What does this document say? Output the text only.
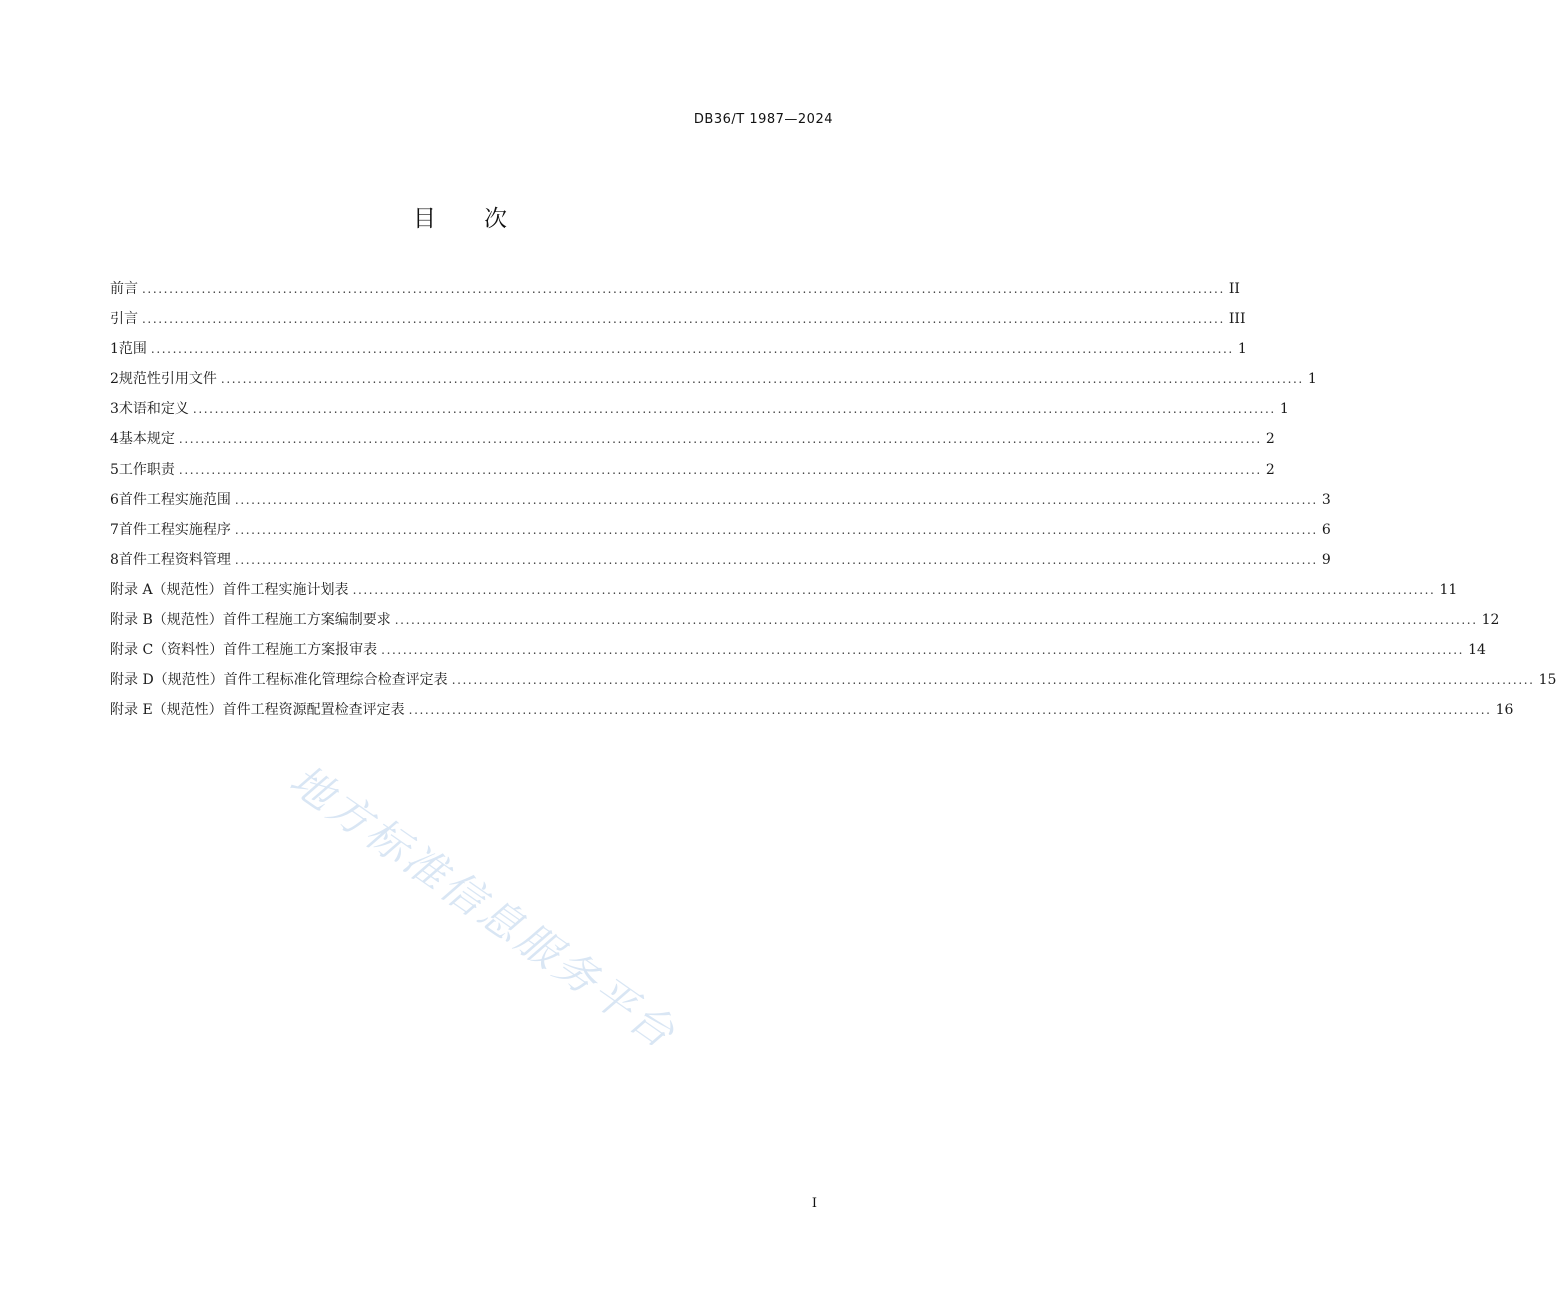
DB36/T 1987—2024
目次
前言 ........................................................................................................................................................................................................ II
引言 ........................................................................................................................................................................................................ III
1 范围 ........................................................................................................................................................................................................ 1
2 规范性引用文件 ........................................................................................................................................................................................................ 1
3 术语和定义 ........................................................................................................................................................................................................ 1
4 基本规定 ........................................................................................................................................................................................................ 2
5 工作职责 ........................................................................................................................................................................................................ 2
6 首件工程实施范围 ........................................................................................................................................................................................................ 3
7 首件工程实施程序 ........................................................................................................................................................................................................ 6
8 首件工程资料管理 ........................................................................................................................................................................................................ 9
附录 A（规范性）首件工程实施计划表 ........................................................................................................................................................................................................ 11
附录 B（规范性）首件工程施工方案编制要求 ........................................................................................................................................................................................................ 12
附录 C（资料性）首件工程施工方案报审表 ........................................................................................................................................................................................................ 14
附录 D（规范性）首件工程标准化管理综合检查评定表 ........................................................................................................................................................................................................ 15
附录 E（规范性）首件工程资源配置检查评定表 ........................................................................................................................................................................................................ 16
地方标准信息服务平台
I
